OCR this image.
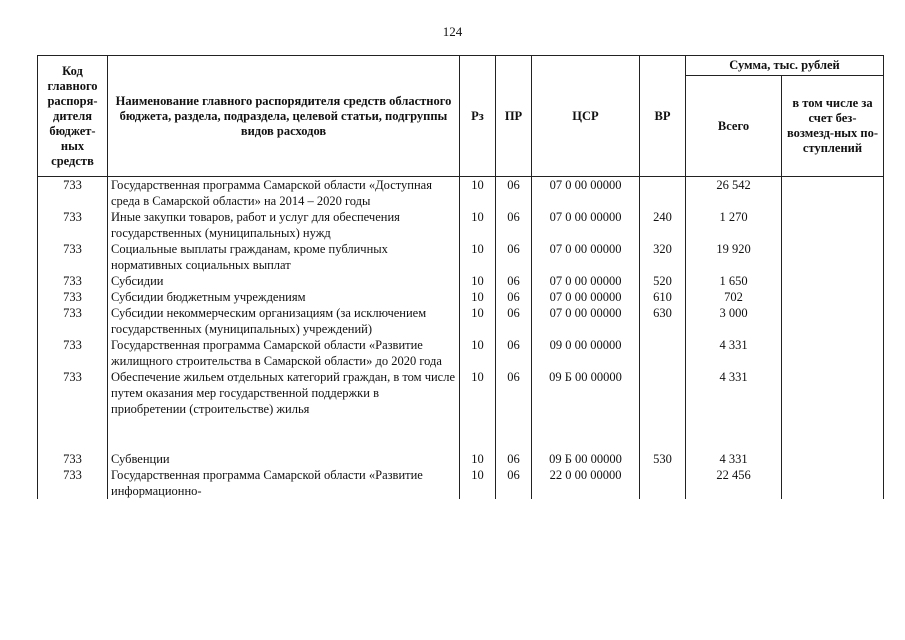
124
Код главного распоря-дителя бюджет-ных средств	Наименование главного распорядителя средств областного бюджета, раздела, подраздела, целевой статьи, подгруппы видов расходов	Рз	ПР	ЦСР	ВР	Сумма, тыс. рублей	
						Всего	в том числе за счет без-возмезд-ных по-ступлений
733	Государственная программа Самарской области «Доступная среда в Самарской области» на 2014 – 2020 годы	10	06	07 0 00 00000		26 542	
733	Иные закупки товаров, работ и услуг для обеспечения государственных (муниципальных) нужд	10	06	07 0 00 00000	240	1 270	
733	Социальные выплаты гражданам, кроме публичных нормативных социальных выплат	10	06	07 0 00 00000	320	19 920	
733	Субсидии	10	06	07 0 00 00000	520	1 650	
733	Субсидии бюджетным учреждениям	10	06	07 0 00 00000	610	702	
733	Субсидии некоммерческим организациям (за исключением государственных (муниципальных) учреждений)	10	06	07 0 00 00000	630	3 000	
733	Государственная программа Самарской области «Развитие жилищного строительства в Самарской области» до 2020 года	10	06	09 0 00 00000		4 331	
733	Обеспечение жильем отдельных категорий граждан, в том числе путем оказания мер государственной поддержки в приобретении (строительстве) жилья	10	06	09 Б 00 00000		4 331	
733	Субвенции	10	06	09 Б 00 00000	530	4 331	
733	Государственная программа Самарской области «Развитие информационно-	10	06	22 0 00 00000		22 456	
